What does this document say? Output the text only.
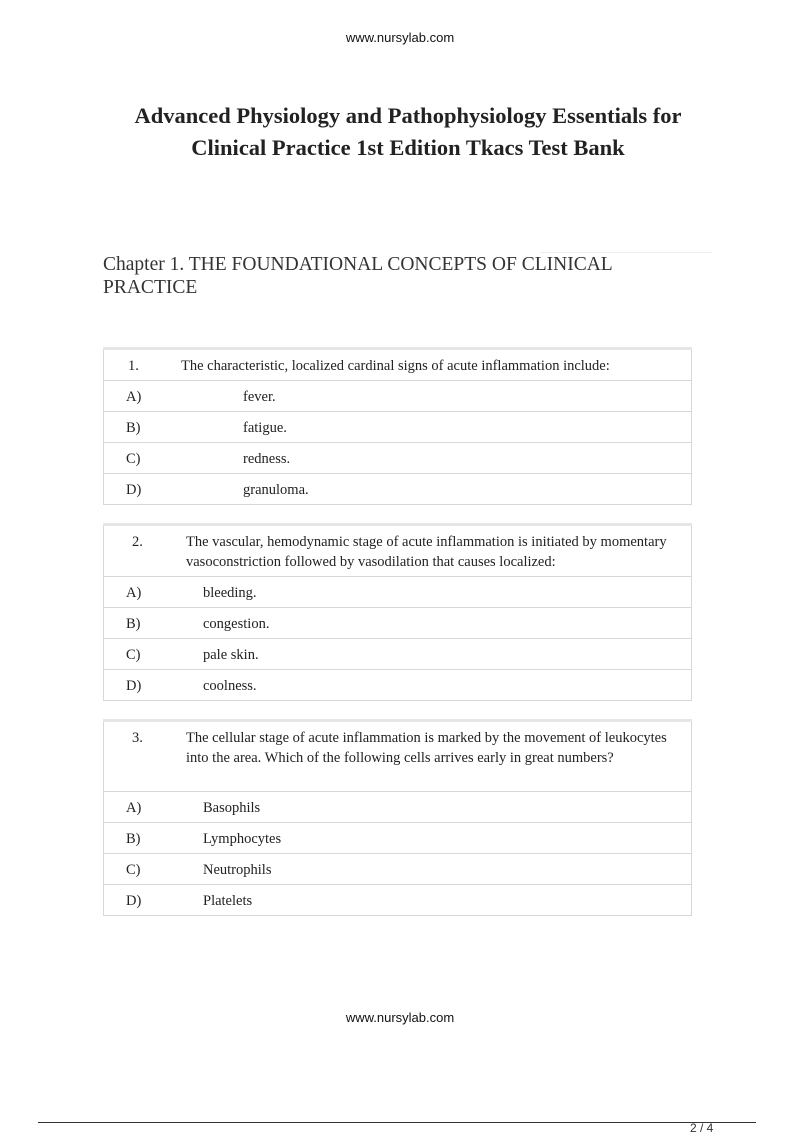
www.nursylab.com
Advanced Physiology and Pathophysiology Essentials for
Clinical Practice 1st Edition Tkacs Test Bank
Chapter 1. THE FOUNDATIONAL CONCEPTS OF CLINICAL
PRACTICE
1.	The characteristic, localized cardinal signs of acute inflammation include:

A)	fever.

B)	fatigue.

C)	redness.

D)	granuloma.
2.	The vascular, hemodynamic stage of acute inflammation is initiated by momentary vasoconstriction followed by vasodilation that causes localized:

A)	bleeding.

B)	congestion.

C)	pale skin.

D)	coolness.
3.	The cellular stage of acute inflammation is marked by the movement of leukocytes into the area. Which of the following cells arrives early in great numbers?

A)	Basophils

B)	Lymphocytes

C)	Neutrophils

D)	Platelets
www.nursylab.com
2 / 4
